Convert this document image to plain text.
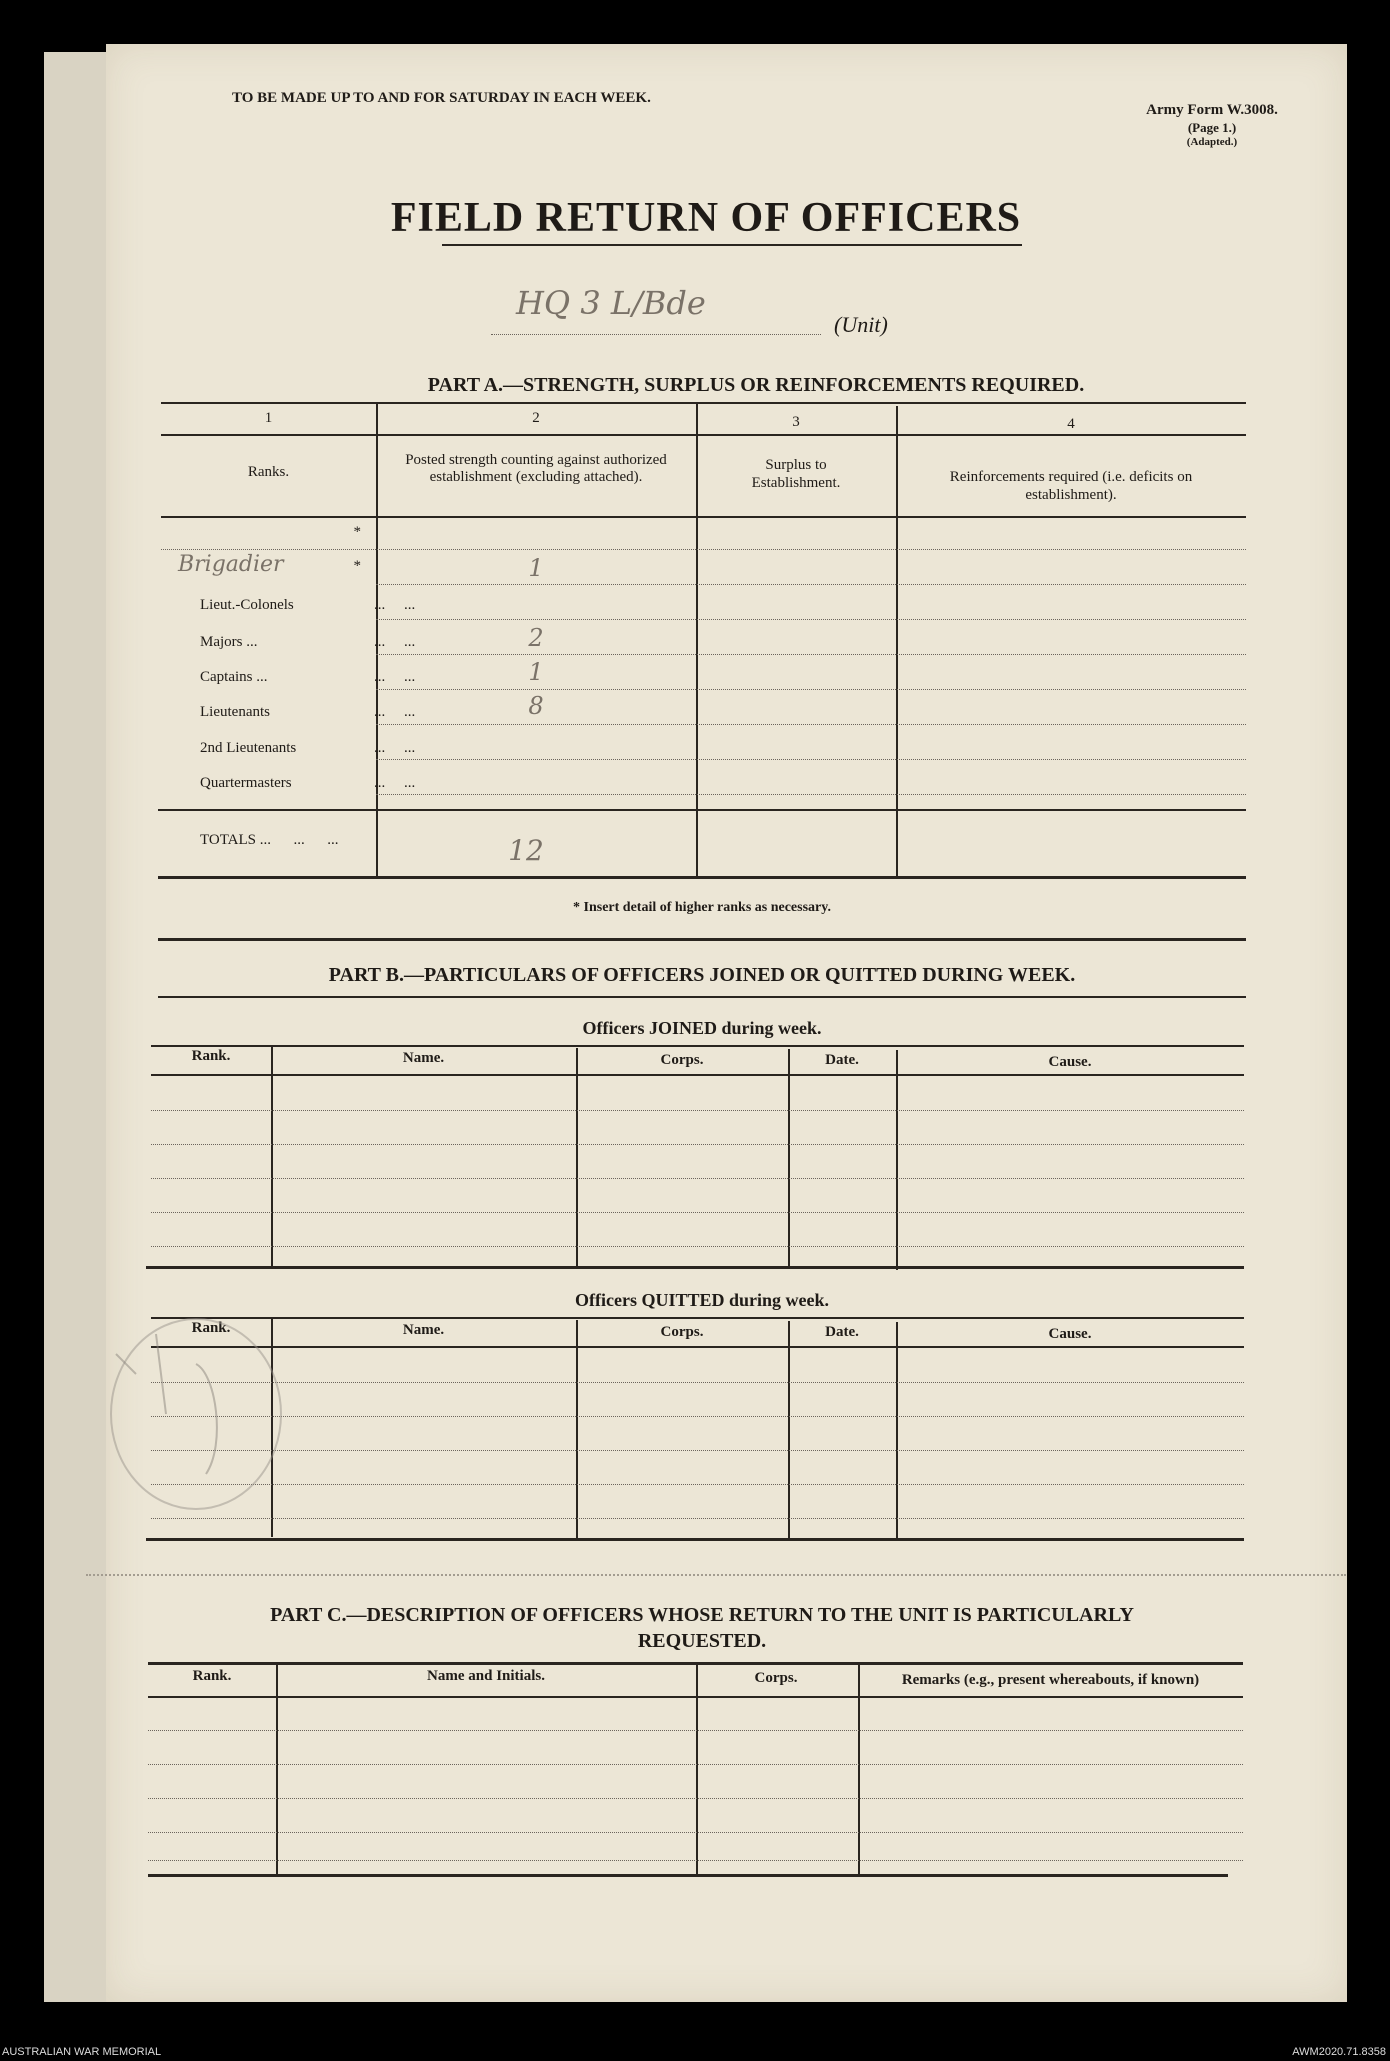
TO BE MADE UP TO AND FOR SATURDAY IN EACH WEEK.
Army Form W.3008.
(Page 1.)
(Adapted.)
FIELD RETURN OF OFFICERS
HQ 3 L/Bde
(Unit)
PART A.—STRENGTH, SURPLUS OR REINFORCEMENTS REQUIRED.
1	2	3	4
Ranks.
Posted strength counting against authorized establishment (excluding attached).
Surplus to Establishment.	Reinforcements required (i.e. deficits on establishment).
*
Brigadier	*	1
Lieut.-Colonels	...     ...
Majors ...	...     ...	2
Captains ...	...     ...	1
Lieutenants	...     ...	8
2nd Lieutenants	...     ...
Quartermasters	...     ...
TOTALS ...      ...      ...	12
* Insert detail of higher ranks as necessary.
PART B.—PARTICULARS OF OFFICERS JOINED OR QUITTED DURING WEEK.
Officers JOINED during week.
Rank.	Name.	Corps.	Date.	Cause.
Officers QUITTED during week.
Rank.	Name.	Corps.	Date.	Cause.
PART C.—DESCRIPTION OF OFFICERS WHOSE RETURN TO THE UNIT IS PARTICULARLY
REQUESTED.
Rank.	Name and Initials.	Corps.	Remarks (e.g., present whereabouts, if known)
AUSTRALIAN WAR MEMORIAL	AWM2020.71.8358
